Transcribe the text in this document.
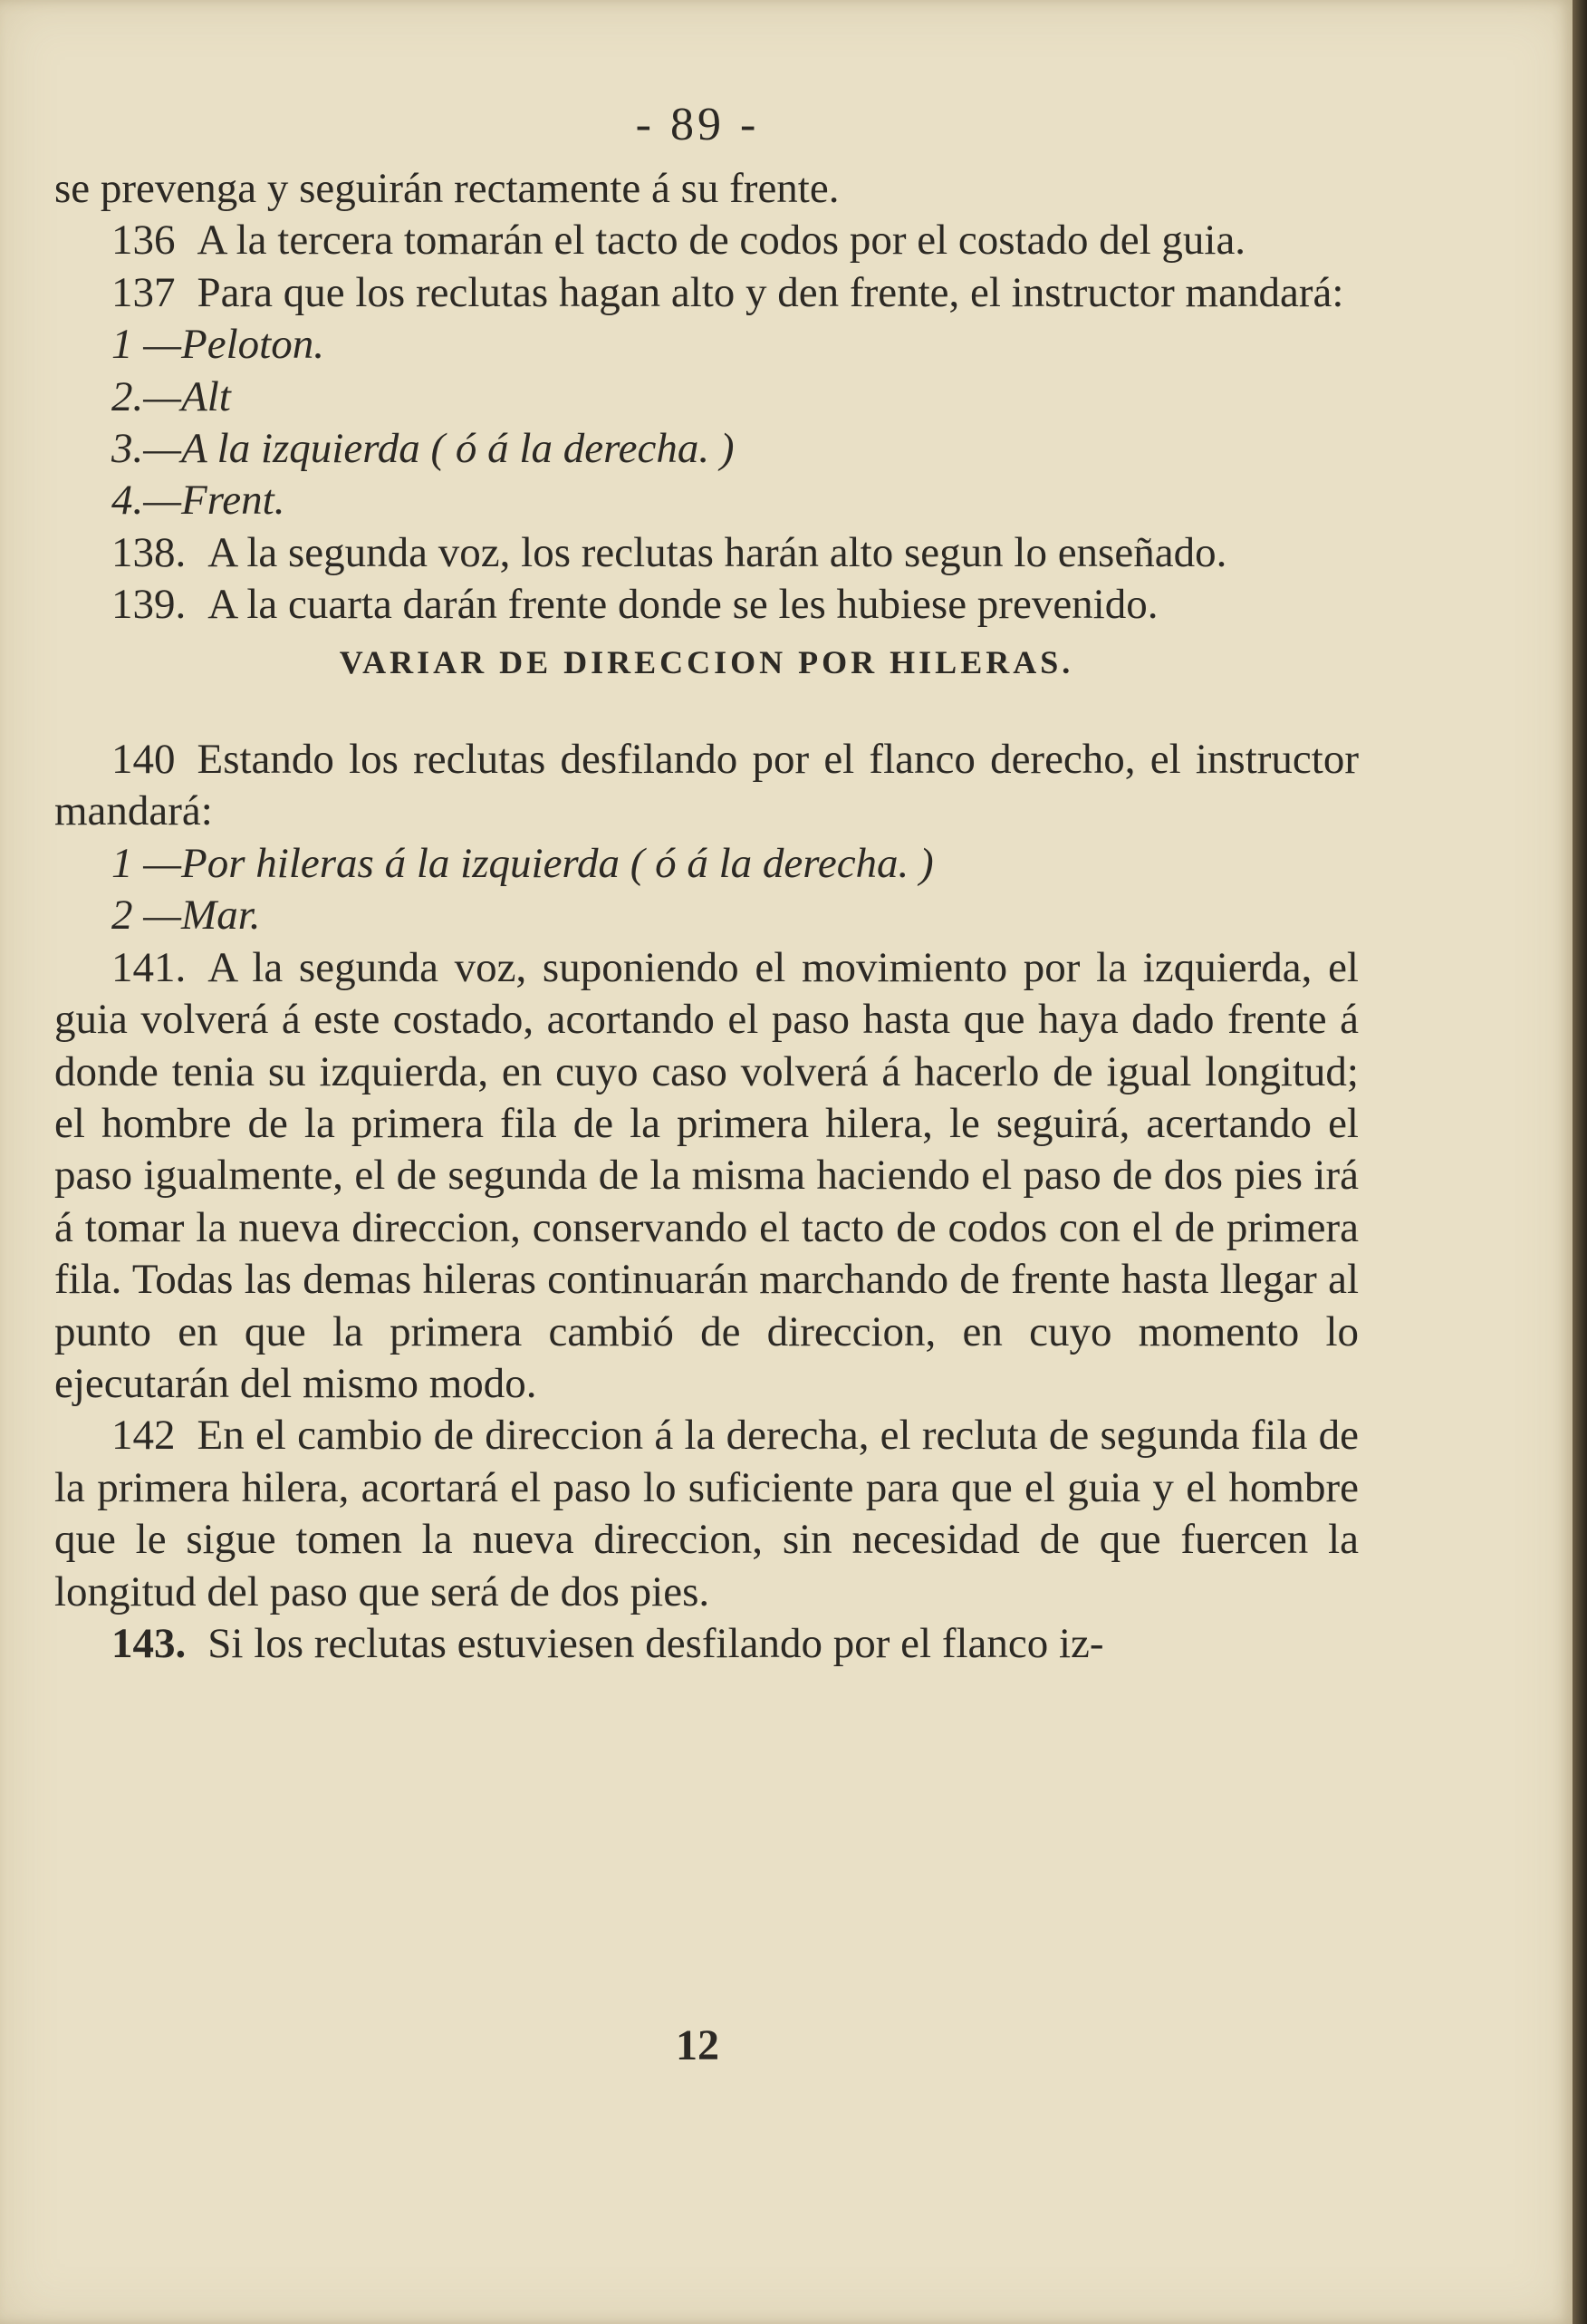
- 89 -

se prevenga y seguirán rectamente á su frente.

136 A la tercera tomarán el tacto de codos por el costado del guia.

137 Para que los reclutas hagan alto y den frente, el instructor mandará:

1 —Peloton.

2.—Alt

3.—A la izquierda ( ó á la derecha. )

4.—Frent.

138. A la segunda voz, los reclutas harán alto segun lo enseñado.

139. A la cuarta darán frente donde se les hubiese prevenido.

VARIAR DE DIRECCION POR HILERAS.

140 Estando los reclutas desfilando por el flanco derecho, el instructor mandará:

1 —Por hileras á la izquierda ( ó á la derecha. )

2 —Mar.

141. A la segunda voz, suponiendo el movimiento por la izquierda, el guia volverá á este costado, acortando el paso hasta que haya dado frente á donde tenia su izquierda, en cuyo caso volverá á hacerlo de igual longitud; el hombre de la primera fila de la primera hilera, le seguirá, acertando el paso igualmente, el de segunda de la misma haciendo el paso de dos pies irá á tomar la nueva direccion, conservando el tacto de codos con el de primera fila. Todas las demas hileras continuarán marchando de frente hasta llegar al punto en que la primera cambió de direccion, en cuyo momento lo ejecutarán del mismo modo.

142 En el cambio de direccion á la derecha, el recluta de segunda fila de la primera hilera, acortará el paso lo suficiente para que el guia y el hombre que le sigue tomen la nueva direccion, sin necesidad de que fuercen la longitud del paso que será de dos pies.

143. Si los reclutas estuviesen desfilando por el flanco iz-

12
